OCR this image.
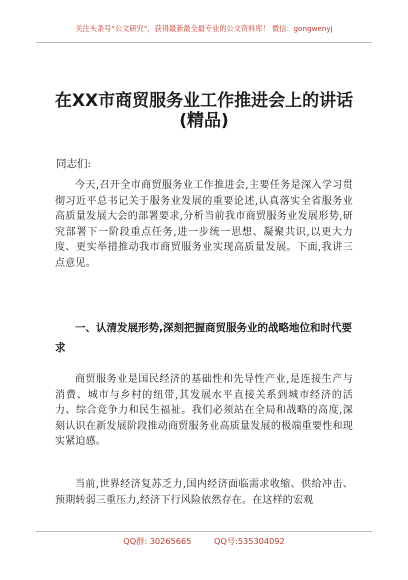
关注头条号“公文研究”，获得最新最全最专业的公文资料库！ 微信：gongwenyj
在XX市商贸服务业工作推进会上的讲话
(精品)
同志们:
今天,召开全市商贸服务业工作推进会,主要任务是深入学习贯彻习近平总书记关于服务业发展的重要论述,认真落实全省服务业高质量发展大会的部署要求,分析当前我市商贸服务业发展形势,研究部署下一阶段重点任务,进一步统一思想、凝聚共识,以更大力度、更实举措推动我市商贸服务业实现高质量发展。下面,我讲三点意见。
一、认清发展形势,深刻把握商贸服务业的战略地位和时代要求
商贸服务业是国民经济的基础性和先导性产业,是连接生产与消费、城市与乡村的纽带,其发展水平直接关系到城市经济的活力、综合竞争力和民生福祉。我们必须站在全局和战略的高度,深刻认识在新发展阶段推动商贸服务业高质量发展的极端重要性和现实紧迫感。
当前,世界经济复苏乏力,国内经济面临需求收缩、供给冲击、预期转弱三重压力,经济下行风险依然存在。在这样的宏观
QQ群: 30265665	QQ号:535304092
